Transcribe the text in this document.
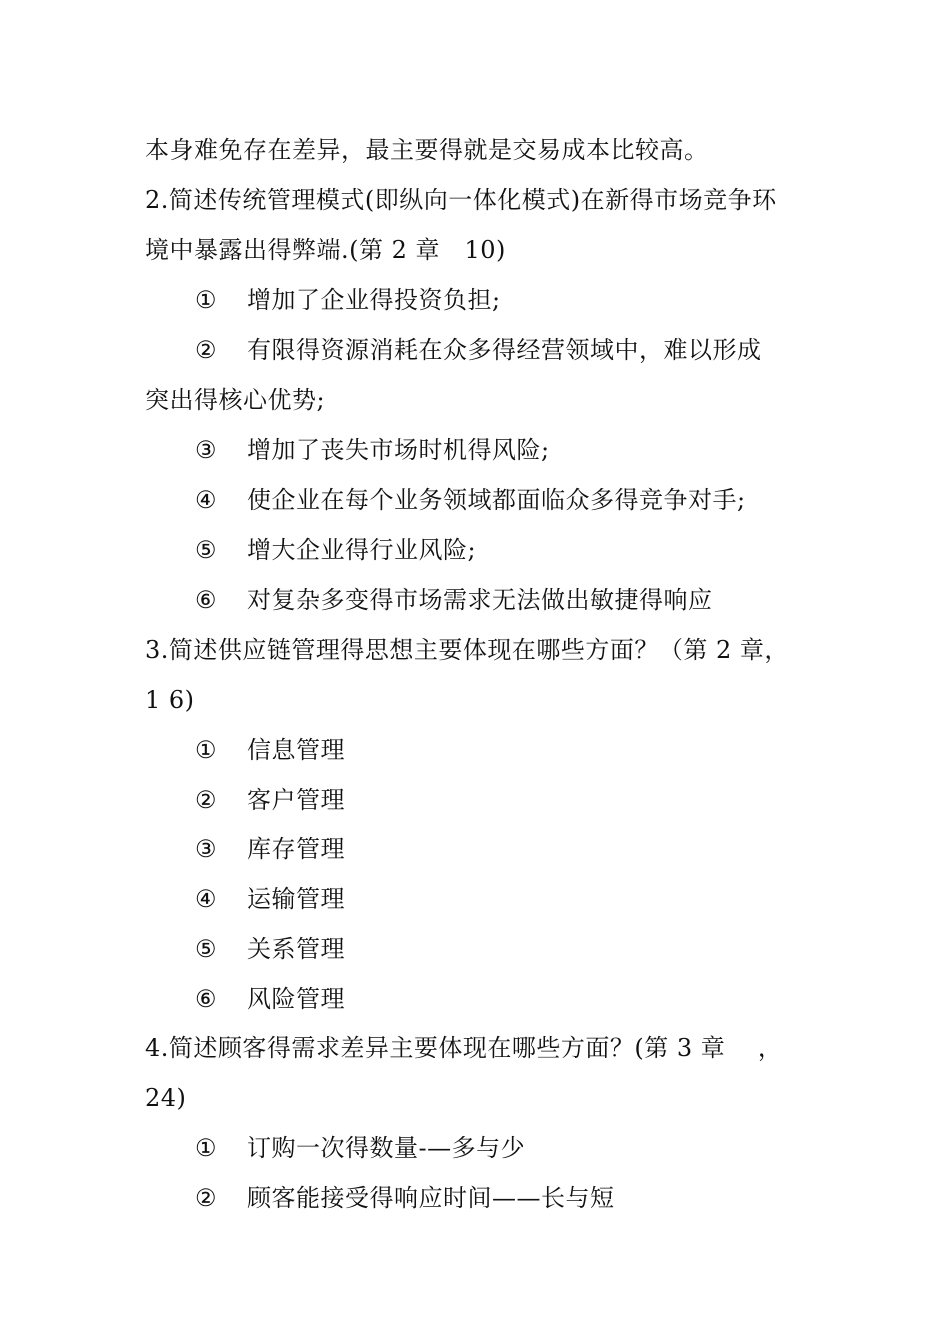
本身难免存在差异，最主要得就是交易成本比较高。
2.简述传统管理模式(即纵向一体化模式)在新得市场竞争环
境中暴露出得弊端.(第 2 章　10)
① 增加了企业得投资负担;
② 有限得资源消耗在众多得经营领域中，难以形成
突出得核心优势;
③ 增加了丧失市场时机得风险;
④ 使企业在每个业务领域都面临众多得竞争对手;
⑤ 增大企业得行业风险;
⑥ 对复杂多变得市场需求无法做出敏捷得响应
3.简述供应链管理得思想主要体现在哪些方面？（第 2 章，
1 6)
① 信息管理
② 客户管理
③ 库存管理
④ 运输管理
⑤ 关系管理
⑥ 风险管理
4.简述顾客得需求差异主要体现在哪些方面？(第 3 章　 ，
24)
① 订购一次得数量-—多与少
② 顾客能接受得响应时间——长与短
